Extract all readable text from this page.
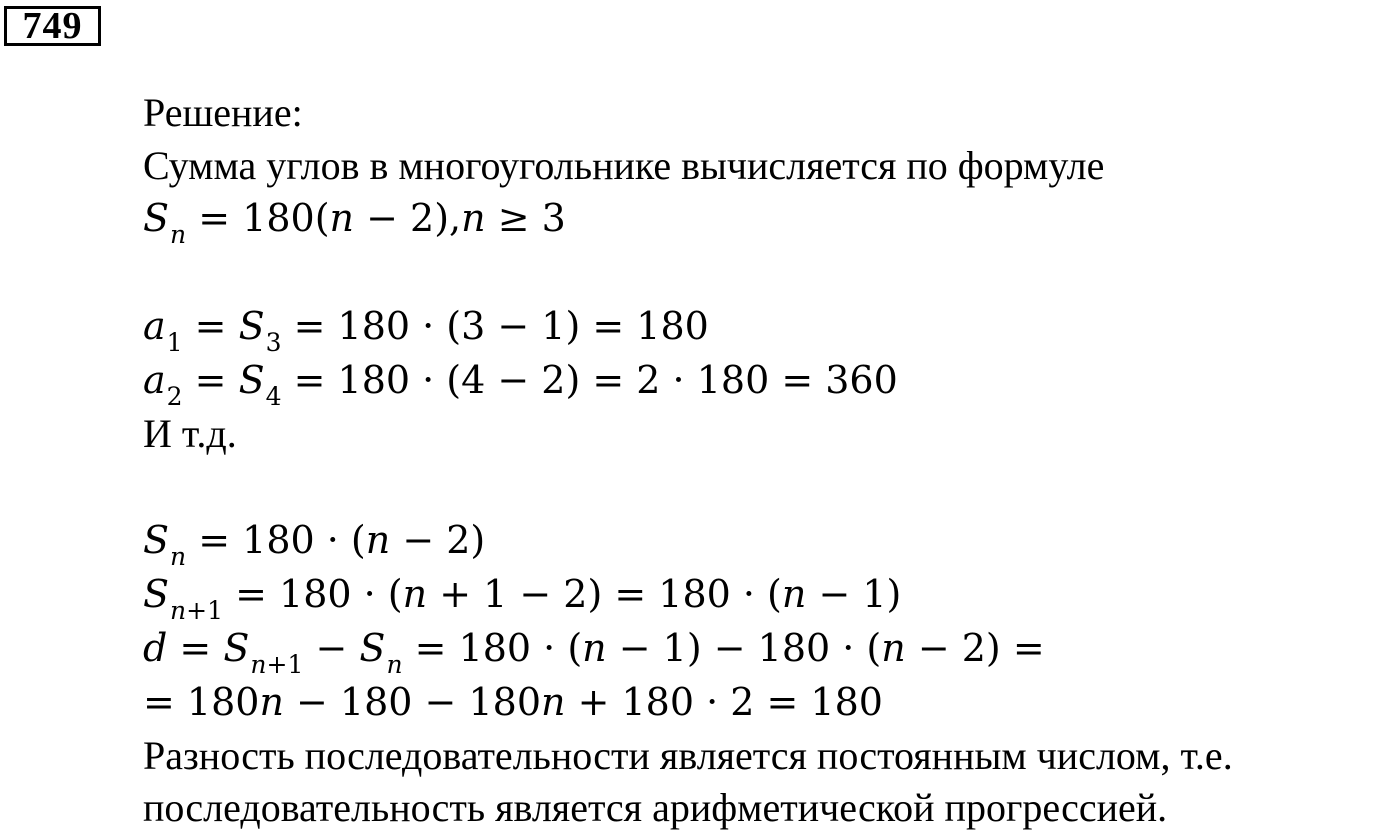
749
Решение:
Сумма углов в многоугольнике вычисляется по формуле
$S_n = 180(n - 2),n \ge 3$
$a_1 = S_3 = 180 \cdot (3 - 1) = 180$
$a_2 = S_4 = 180 \cdot (4 - 2) = 2 \cdot 180 = 360$
И т.д.
$S_n = 180 \cdot (n - 2)$
$S_{n+1} = 180 \cdot (n + 1 - 2) = 180 \cdot (n - 1)$
$d = S_{n+1} - S_n = 180 \cdot (n - 1) - 180 \cdot (n - 2)$ =
= 180n − 180 − 180n + 180 · 2 = 180
Разность последовательности является постоянным числом, т.е.
последовательность является арифметической прогрессией.
